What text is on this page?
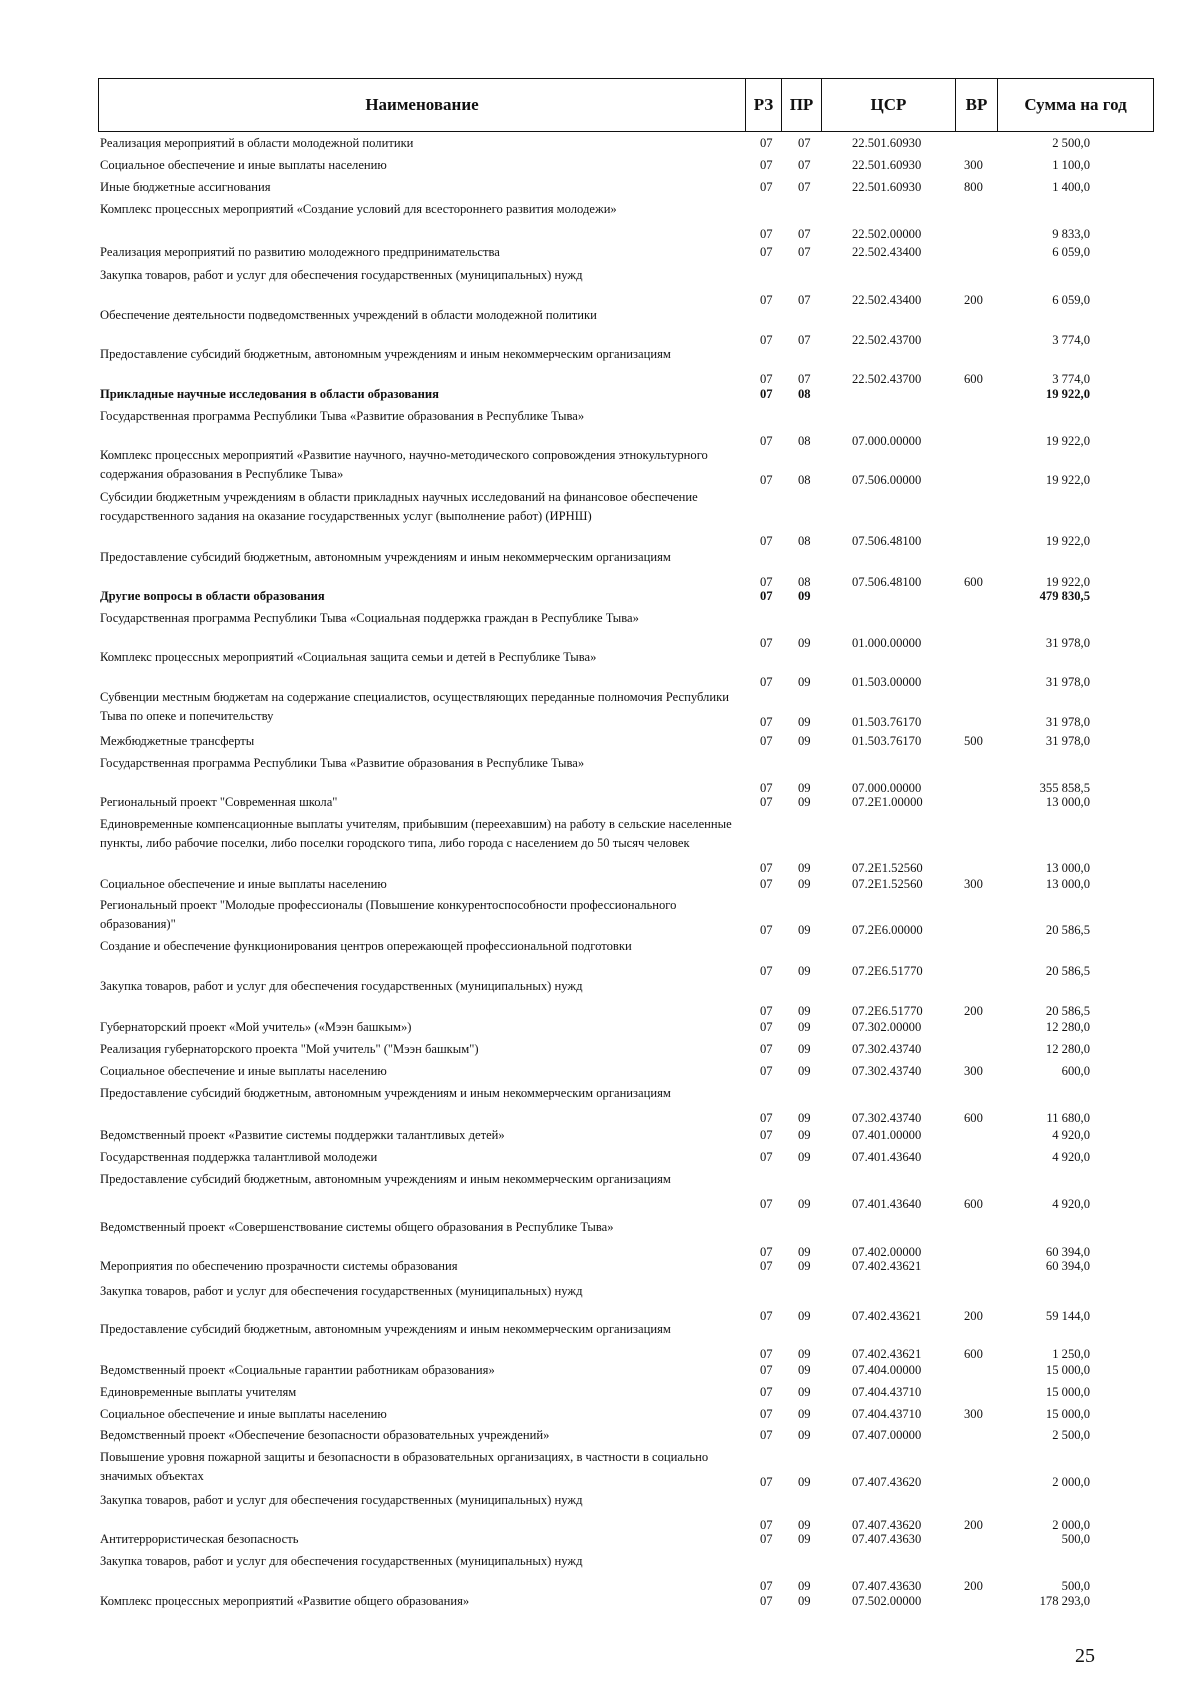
Наименование	РЗ ПР	ЦСР	ВР	Сумма на год
Реализация мероприятий в области молодежной политики	07	07	22.501.60930	2 500,0
Социальное обеспечение и иные выплаты населению	07	07	22.501.60930	300	1 100,0
Иные бюджетные ассигнования	07	07	22.501.60930	800	1 400,0
Комплекс процессных мероприятий «Создание условий для всестороннего развития молодежи»
07	07	22.502.00000	9 833,0
Реализация мероприятий по развитию молодежного предпринимательства	07	07	22.502.43400	6 059,0
Закупка товаров, работ и услуг для обеспечения государственных (муниципальных) нужд
07	07	22.502.43400	200	6 059,0
Обеспечение деятельности подведомственных учреждений в области молодежной политики
07	07	22.502.43700	3 774,0
Предоставление субсидий бюджетным, автономным учреждениям и иным некоммерческим организациям
07	07	22.502.43700	600	3 774,0
Прикладные научные исследования в области образования	07	08	19 922,0
Государственная программа Республики Тыва «Развитие образования в Республике Тыва»
07	08	07.000.00000	19 922,0
Комплекс процессных мероприятий «Развитие научного, научно-методического сопровождения этнокультурного содержания образования в Республике Тыва»	07	08	07.506.00000	19 922,0
Субсидии бюджетным учреждениям в области прикладных научных исследований на финансовое обеспечение государственного задания на оказание государственных услуг (выполнение работ) (ИРНШ)
07	08	07.506.48100	19 922,0
Предоставление субсидий бюджетным, автономным учреждениям и иным некоммерческим организациям
07	08	07.506.48100	600	19 922,0
Другие вопросы в области образования	07	09	479 830,5
Государственная программа Республики Тыва «Социальная поддержка граждан в Республике Тыва»
07	09	01.000.00000	31 978,0
Комплекс процессных мероприятий «Социальная защита семьи и детей в Республике Тыва»
07	09	01.503.00000	31 978,0
Субвенции местным бюджетам на содержание специалистов, осуществляющих переданные полномочия Республики Тыва по опеке и попечительству	07	09	01.503.76170	31 978,0
Межбюджетные трансферты	07	09	01.503.76170	500	31 978,0
Государственная программа Республики Тыва «Развитие образования в Республике Тыва»
07	09	07.000.00000	355 858,5
Региональный проект "Современная школа"	07	09	07.2Е1.00000	13 000,0
Единовременные компенсационные выплаты учителям, прибывшим (переехавшим) на работу в сельские населенные пункты, либо рабочие поселки, либо поселки городского типа, либо города с населением до 50 тысяч человек
07	09	07.2Е1.52560	13 000,0
Социальное обеспечение и иные выплаты населению	07	09	07.2Е1.52560	300	13 000,0
Региональный проект "Молодые профессионалы (Повышение конкурентоспособности профессионального образования)"	07	09	07.2Е6.00000	20 586,5
Создание и обеспечение функционирования центров опережающей профессиональной подготовки
07	09	07.2Е6.51770	20 586,5
Закупка товаров, работ и услуг для обеспечения государственных (муниципальных) нужд
07	09	07.2Е6.51770	200	20 586,5
Губернаторский проект «Мой учитель» («Мээн башкым»)	07	09	07.302.00000	12 280,0
Реализация губернаторского проекта "Мой учитель" ("Мээн башкым")	07	09	07.302.43740	12 280,0
Социальное обеспечение и иные выплаты населению	07	09	07.302.43740	300	600,0
Предоставление субсидий бюджетным, автономным учреждениям и иным некоммерческим организациям
07	09	07.302.43740	600	11 680,0
Ведомственный проект «Развитие системы поддержки талантливых детей»	07	09	07.401.00000	4 920,0
Государственная поддержка талантливой молодежи	07	09	07.401.43640	4 920,0
Предоставление субсидий бюджетным, автономным учреждениям и иным некоммерческим организациям
07	09	07.401.43640	600	4 920,0
Ведомственный проект «Совершенствование системы общего образования в Республике Тыва»
07	09	07.402.00000	60 394,0
Мероприятия по обеспечению прозрачности системы образования	07	09	07.402.43621	60 394,0
Закупка товаров, работ и услуг для обеспечения государственных (муниципальных) нужд
07	09	07.402.43621	200	59 144,0
Предоставление субсидий бюджетным, автономным учреждениям и иным некоммерческим организациям
07	09	07.402.43621	600	1 250,0
Ведомственный проект «Социальные гарантии работникам образования»	07	09	07.404.00000	15 000,0
Единовременные выплаты учителям	07	09	07.404.43710	15 000,0
Социальное обеспечение и иные выплаты населению	07	09	07.404.43710	300	15 000,0
Ведомственный проект «Обеспечение безопасности образовательных учреждений»	07	09	07.407.00000	2 500,0
Повышение уровня пожарной защиты и безопасности в образовательных организациях, в частности в социально значимых объектах	07	09	07.407.43620	2 000,0
Закупка товаров, работ и услуг для обеспечения государственных (муниципальных) нужд
07	09	07.407.43620	200	2 000,0
Антитеррористическая безопасность	07	09	07.407.43630	500,0
Закупка товаров, работ и услуг для обеспечения государственных (муниципальных) нужд
07	09	07.407.43630	200	500,0
Комплекс процессных мероприятий «Развитие общего образования»	07	09	07.502.00000	178 293,0
25
